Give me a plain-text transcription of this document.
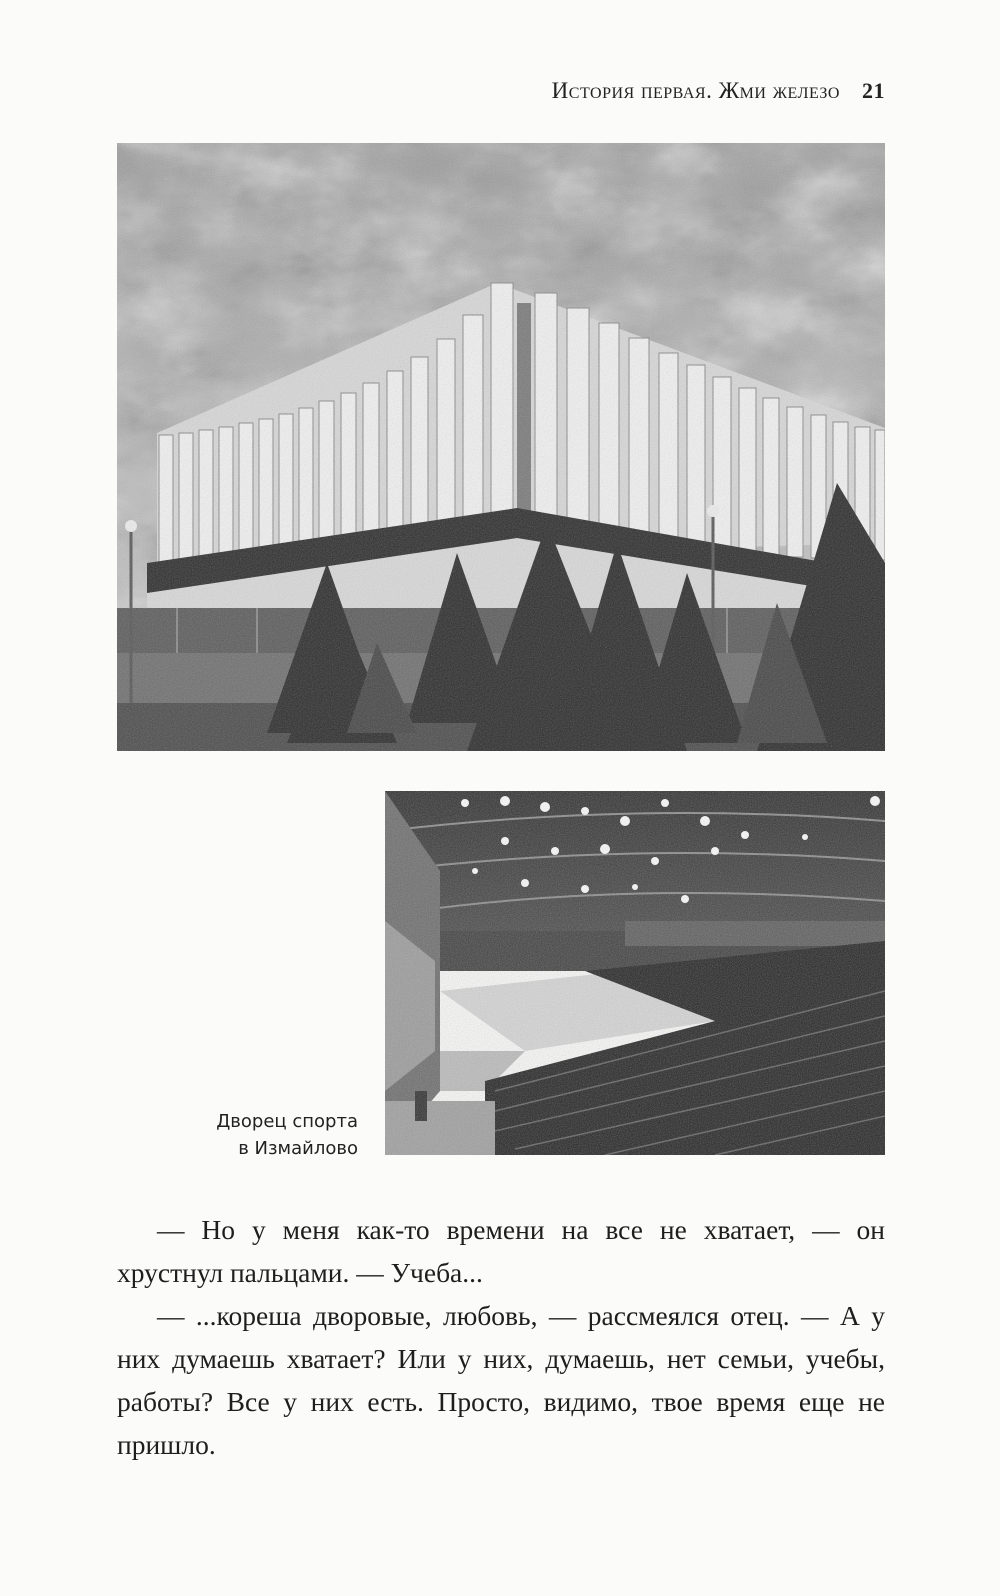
История первая. Жми железо 21
Дворец спорта
в Измайлово

— Но у меня как-то времени на все не хватает, — он хрустнул пальцами. — Учеба...

— ...кореша дворовые, любовь, — рассмеялся отец. — А у них думаешь хватает? Или у них, думаешь, нет семьи, учебы, работы? Все у них есть. Просто, видимо, твое время еще не пришло.
